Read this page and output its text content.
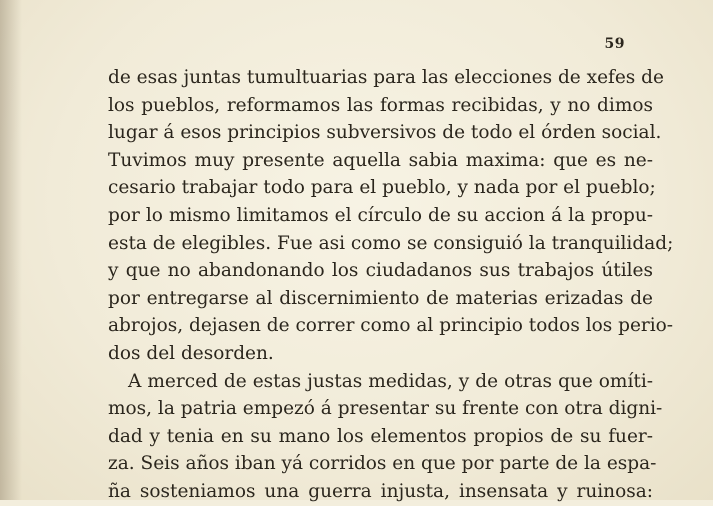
59
de esas juntas tumultuarias para las elecciones de xefes de
los pueblos, reformamos las formas recibidas, y no dimos
lugar á esos principios subversivos de todo el órden social.
Tuvimos muy presente aquella sabia maxima: que es ne-
cesario trabajar todo para el pueblo, y nada por el pueblo;
por lo mismo limitamos el círculo de su accion á la propu-
esta de elegibles. Fue asi como se consiguió la tranquilidad;
y que no abandonando los ciudadanos sus trabajos útiles
por entregarse al discernimiento de materias erizadas de
abrojos, dejasen de correr como al principio todos los perio-
dos del desorden.
A merced de estas justas medidas, y de otras que omíti-
mos, la patria empezó á presentar su frente con otra digni-
dad y tenia en su mano los elementos propios de su fuer-
za. Seis años iban yá corridos en que por parte de la espa-
ña sosteniamos una guerra injusta, insensata y ruinosa:
